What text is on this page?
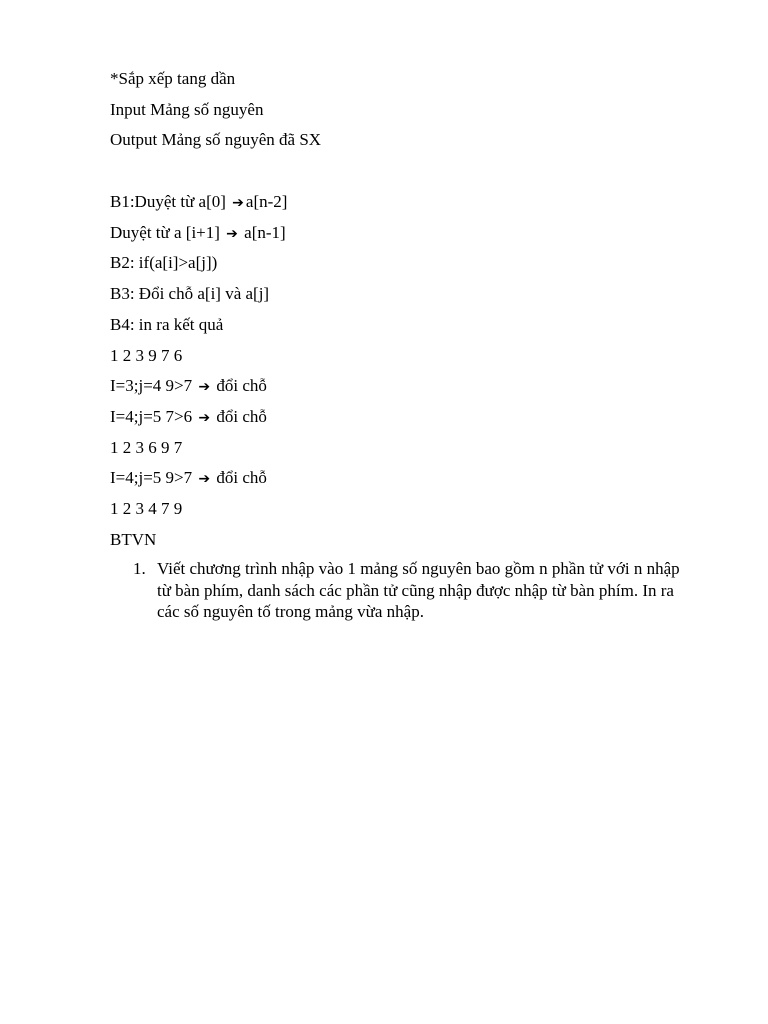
*Sắp xếp tang dần
Input Mảng số nguyên
Output Mảng số nguyên đã SX
B1:Duyệt từ a[0] ➔ a[n-2]
Duyệt từ a [i+1] ➔ a[n-1]
B2: if(a[i]>a[j])
B3: Đổi chỗ a[i] và a[j]
B4: in ra kết quả
1 2 3 9 7 6
I=3;j=4 9>7 ➔ đổi chỗ
I=4;j=5 7>6 ➔ đổi chỗ
1 2 3 6 9 7
I=4;j=5 9>7 ➔ đổi chỗ
1 2 3 4 7 9
BTVN
1. Viết chương trình nhập vào 1 mảng số nguyên bao gồm n phần tử với n nhập từ bàn phím, danh sách các phần tử cũng nhập được nhập từ bàn phím. In ra các số nguyên tố trong mảng vừa nhập.
